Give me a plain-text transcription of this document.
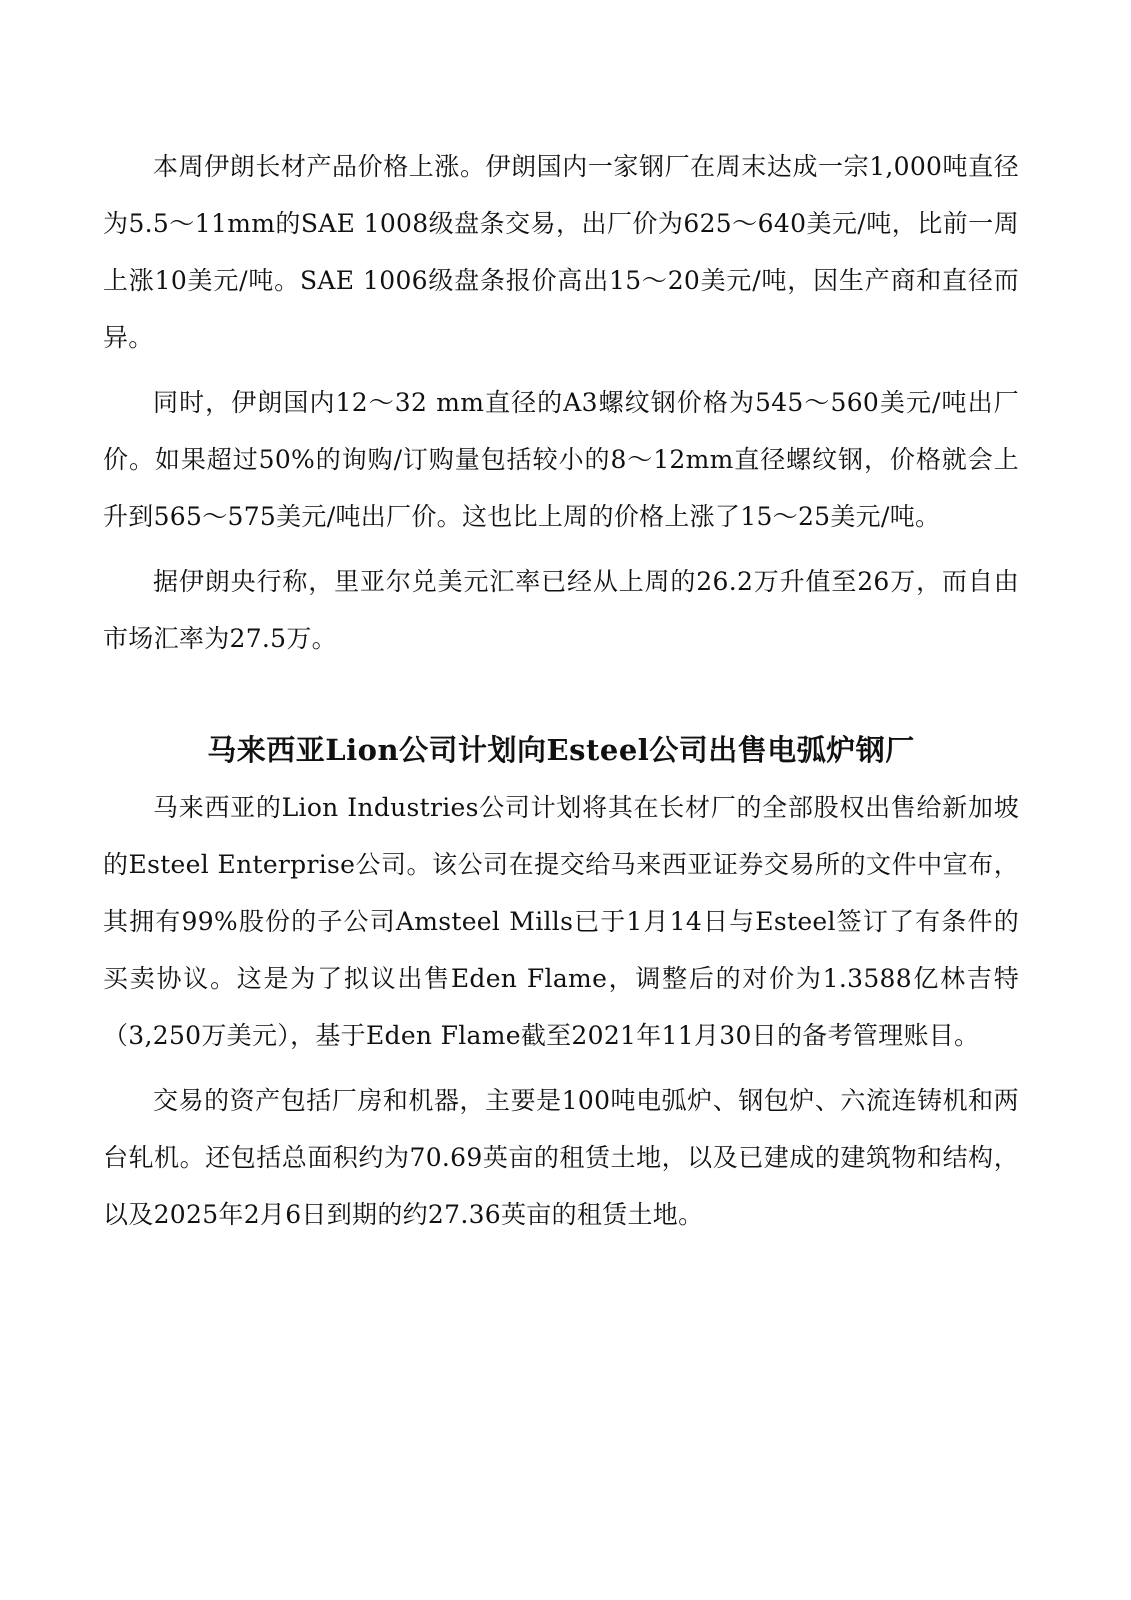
本周伊朗长材产品价格上涨。伊朗国内一家钢厂在周末达成一宗1,000吨直径为5.5～11mm的SAE 1008级盘条交易，出厂价为625～640美元/吨，比前一周上涨10美元/吨。SAE 1006级盘条报价高出15～20美元/吨，因生产商和直径而异。

同时，伊朗国内12～32 mm直径的A3螺纹钢价格为545～560美元/吨出厂价。如果超过50%的询购/订购量包括较小的8～12mm直径螺纹钢，价格就会上升到565～575美元/吨出厂价。这也比上周的价格上涨了15～25美元/吨。

据伊朗央行称，里亚尔兑美元汇率已经从上周的26.2万升值至26万，而自由市场汇率为27.5万。

马来西亚Lion公司计划向Esteel公司出售电弧炉钢厂

马来西亚的Lion Industries公司计划将其在长材厂的全部股权出售给新加坡的Esteel Enterprise公司。该公司在提交给马来西亚证券交易所的文件中宣布，其拥有99%股份的子公司Amsteel Mills已于1月14日与Esteel签订了有条件的买卖协议。这是为了拟议出售Eden Flame，调整后的对价为1.3588亿林吉特（3,250万美元），基于Eden Flame截至2021年11月30日的备考管理账目。

交易的资产包括厂房和机器，主要是100吨电弧炉、钢包炉、六流连铸机和两台轧机。还包括总面积约为70.69英亩的租赁土地，以及已建成的建筑物和结构，以及2025年2月6日到期的约27.36英亩的租赁土地。
